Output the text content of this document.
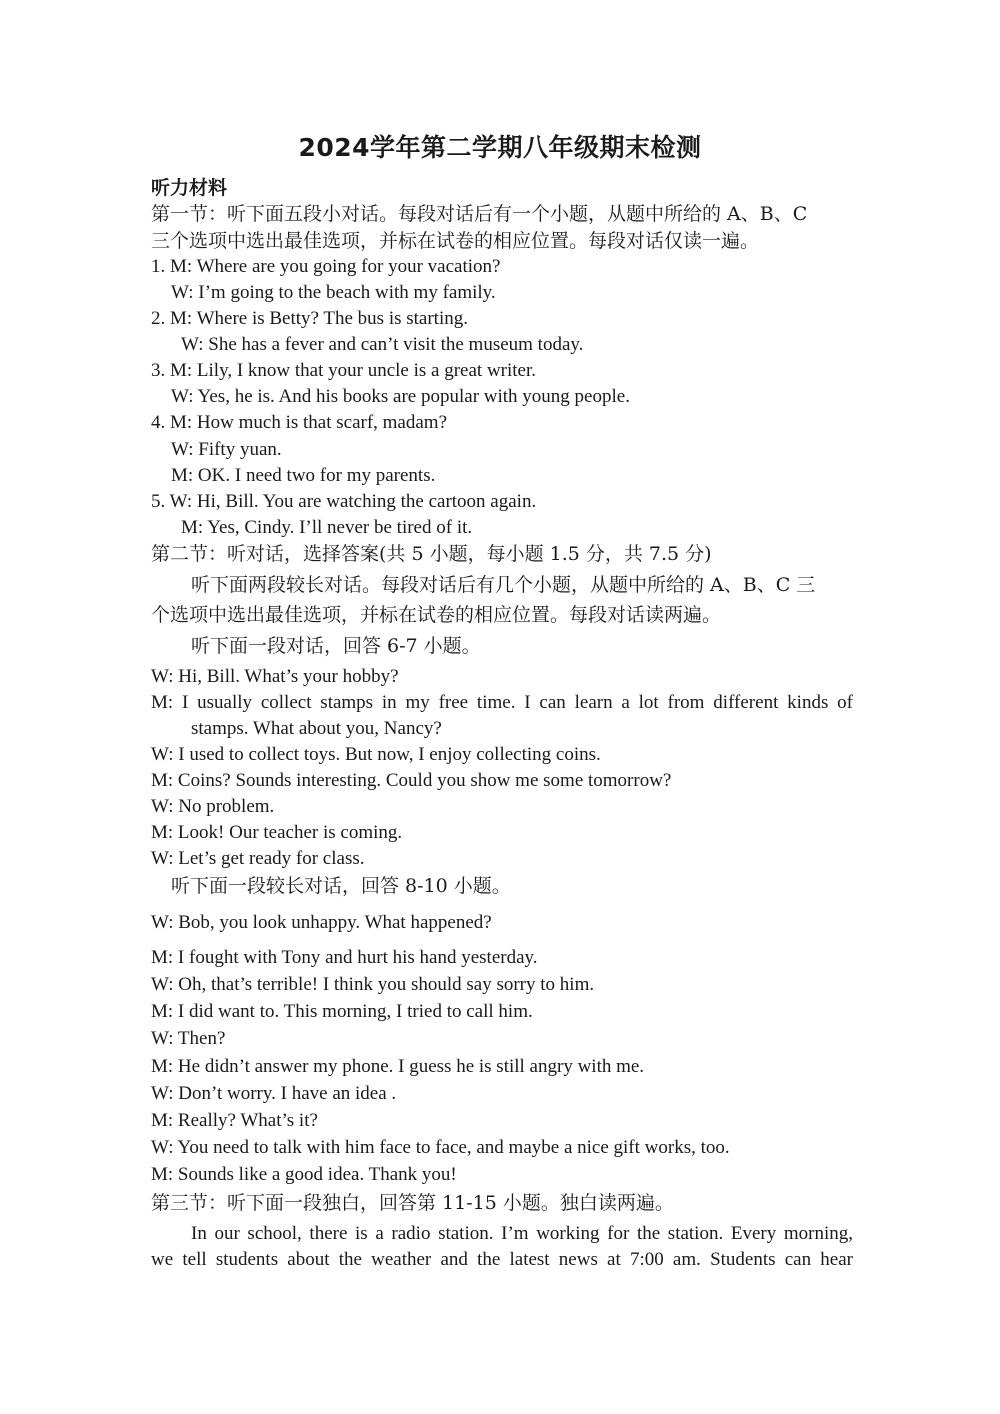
2024学年第二学期八年级期末检测
听力材料
第一节：听下面五段小对话。每段对话后有一个小题，从题中所给的 A、B、C
三个选项中选出最佳选项，并标在试卷的相应位置。每段对话仅读一遍。
1. M: Where are you going for your vacation?
W: I’m going to the beach with my family.
2. M: Where is Betty? The bus is starting.
W: She has a fever and can’t visit the museum today.
3. M: Lily, I know that your uncle is a great writer.
W: Yes, he is. And his books are popular with young people.
4. M: How much is that scarf, madam?
W: Fifty yuan.
M: OK. I need two for my parents.
5. W: Hi, Bill. You are watching the cartoon again.
M: Yes, Cindy. I’ll never be tired of it.
第二节：听对话，选择答案(共 5 小题，每小题 1.5 分，共 7.5 分)
听下面两段较长对话。每段对话后有几个小题，从题中所给的 A、B、C 三
个选项中选出最佳选项，并标在试卷的相应位置。每段对话读两遍。
听下面一段对话，回答 6-7 小题。
W: Hi, Bill. What’s your hobby?
M: I usually collect stamps in my free time. I can learn a lot from different kinds of
stamps. What about you, Nancy?
W: I used to collect toys. But now, I enjoy collecting coins.
M: Coins? Sounds interesting. Could you show me some tomorrow?
W: No problem.
M: Look! Our teacher is coming.
W: Let’s get ready for class.
听下面一段较长对话，回答 8-10 小题。
W: Bob, you look unhappy. What happened?
M: I fought with Tony and hurt his hand yesterday.
W: Oh, that’s terrible! I think you should say sorry to him.
M: I did want to. This morning, I tried to call him.
W: Then?
M: He didn’t answer my phone. I guess he is still angry with me.
W: Don’t worry. I have an idea .
M: Really? What’s it?
W: You need to talk with him face to face, and maybe a nice gift works, too.
M: Sounds like a good idea. Thank you!
第三节：听下面一段独白，回答第 11-15 小题。独白读两遍。
In our school, there is a radio station. I’m working for the station. Every morning,
we tell students about the weather and the latest news at 7:00 am. Students can hear
